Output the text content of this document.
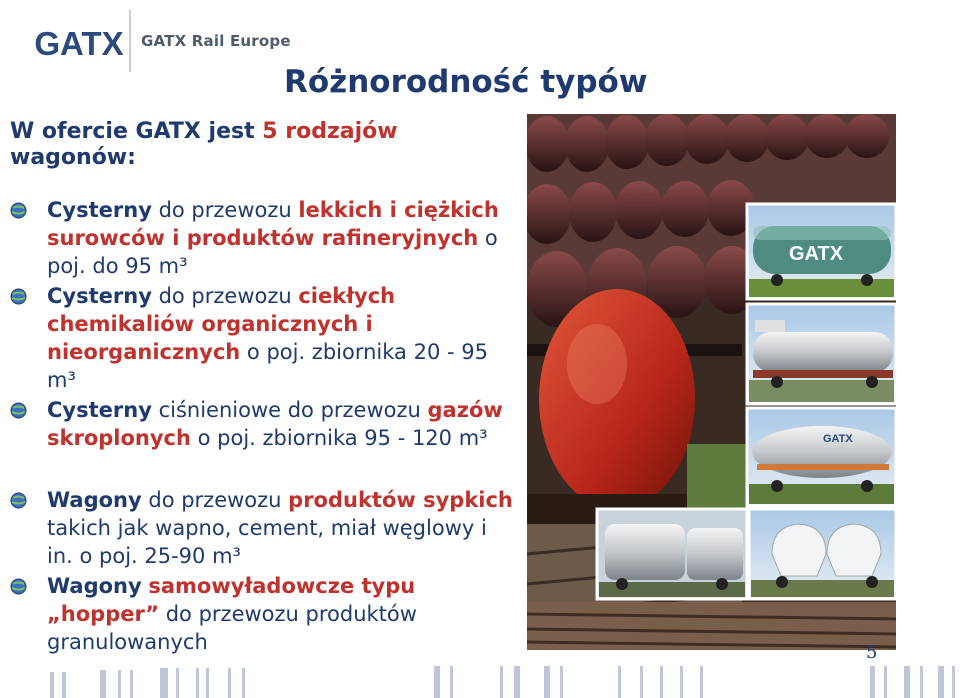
GATX GATX Rail Europe
Różnorodność typów
W ofercie GATX jest 5 rodzajów
wagonów:
Cysterny do przewozu lekkich i ciężkich surowców i produktów rafineryjnych o poj. do 95 m³
Cysterny do przewozu ciekłych chemikaliów organicznych i nieorganicznych o poj. zbiornika 20 - 95 m³
Cysterny ciśnieniowe do przewozu gazów skroplonych o poj. zbiornika 95 - 120 m³
Wagony do przewozu produktów sypkich takich jak wapno, cement, miał węglowy i in. o poj. 25-90 m³
Wagony samowyładowcze typu „hopper” do przewozu produktów granulowanych
GATX
GATX
5
